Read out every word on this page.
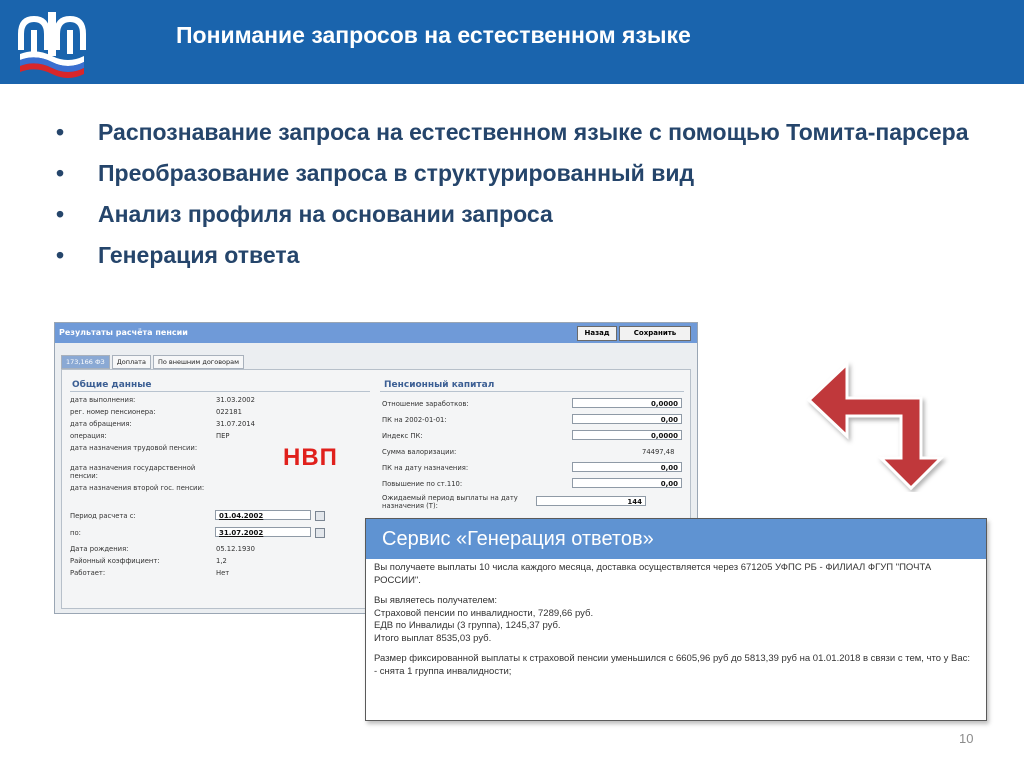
Понимание запросов на естественном языке
• Распознавание запроса на естественном языке с помощью Томита-парсера
• Преобразование запроса в структурированный вид
• Анализ профиля на основании запроса
• Генерация ответа
Результаты расчёта пенсии	Назад	Сохранить
173,166 ФЗ	Доплата	По внешним договорам
Общие данные
дата выполнения:	31.03.2002
рег. номер пенсионера:	022181
дата обращения:	31.07.2014
операция:	ПЕР
дата назначения трудовой пенсии:
дата назначения государственной пенсии:
дата назначения второй гос. пенсии:
Период расчета с:	01.04.2002
по:	31.07.2002
Дата рождения:	05.12.1930
Районный коэффициент:	1,2
Работает:	Нет
Пенсионный капитал
Отношение заработков:	0,0000
ПК на 2002-01-01:	0,00
Индекс ПК:	0,0000
Сумма валоризации:	74497,48
ПК на дату назначения:	0,00
Повышение по ст.110:	0,00
Ожидаемый период выплаты на дату назначения (Т):	144
НВП
Сервис «Генерация ответов»

Вы получаете выплаты 10 числа каждого месяца, доставка осуществляется через 671205 УФПС РБ - ФИЛИАЛ ФГУП "ПОЧТА РОССИИ".

Вы являетесь получателем:
Страховой пенсии по инвалидности, 7289,66 руб.
ЕДВ по Инвалиды (3 группа), 1245,37 руб.
Итого выплат 8535,03 руб.

Размер фиксированной выплаты к страховой пенсии уменьшился с 6605,96 руб до 5813,39 руб на 01.01.2018 в связи с тем, что у Вас:
- снята 1 группа инвалидности;

10
